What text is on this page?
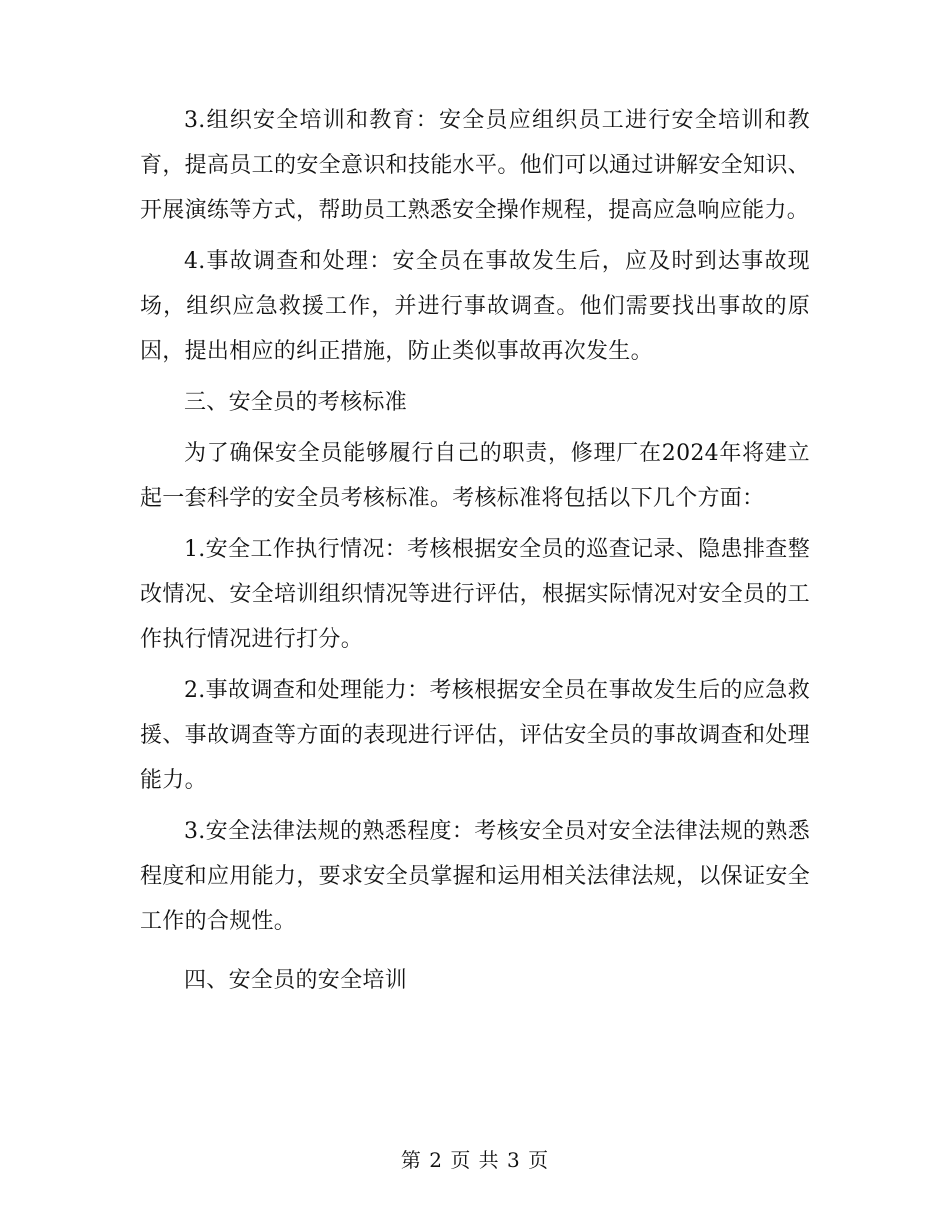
3.组织安全培训和教育：安全员应组织员工进行安全培训和教育，提高员工的安全意识和技能水平。他们可以通过讲解安全知识、开展演练等方式，帮助员工熟悉安全操作规程，提高应急响应能力。

4.事故调查和处理：安全员在事故发生后，应及时到达事故现场，组织应急救援工作，并进行事故调查。他们需要找出事故的原因，提出相应的纠正措施，防止类似事故再次发生。

三、安全员的考核标准

为了确保安全员能够履行自己的职责，修理厂在2024年将建立起一套科学的安全员考核标准。考核标准将包括以下几个方面：

1.安全工作执行情况：考核根据安全员的巡查记录、隐患排查整改情况、安全培训组织情况等进行评估，根据实际情况对安全员的工作执行情况进行打分。

2.事故调查和处理能力：考核根据安全员在事故发生后的应急救援、事故调查等方面的表现进行评估，评估安全员的事故调查和处理能力。

3.安全法律法规的熟悉程度：考核安全员对安全法律法规的熟悉程度和应用能力，要求安全员掌握和运用相关法律法规，以保证安全工作的合规性。

四、安全员的安全培训

第 2 页 共 3 页
